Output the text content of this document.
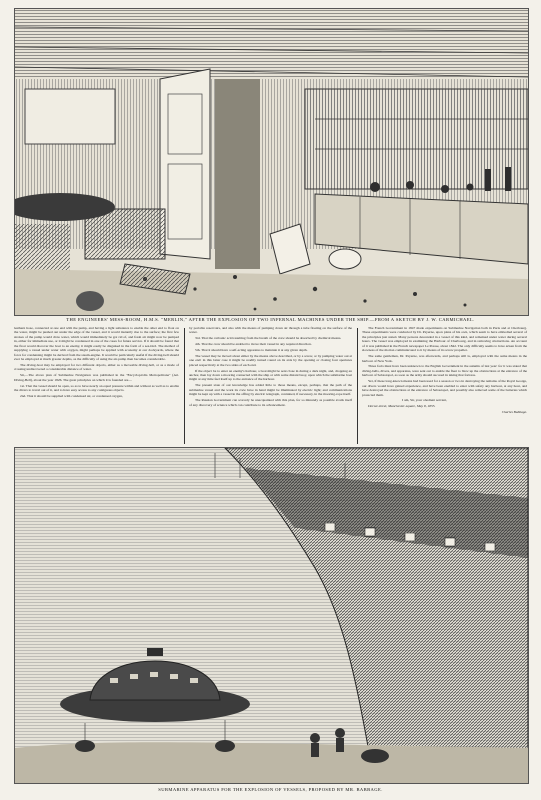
THE ENGINEERS' MESS-ROOM, H.M.S. "MERLIN," AFTER THE EXPLOSION OF TWO INFERNAL MACHINES UNDER THE SHIP.—FROM A SKETCH BY J. W. CARMICHAEL.

leathern hose, connected at one end with the pump, and having a light substance to enable the other end to float on the water, might be pushed out under the edge of the vessel, and it would instantly rise to the surface; the first few strokes of the pump would draw water, which would immediately be got rid of, and fresh air might now be pumped in, either for immediate use, or it might be condensed in one of the cases for future service. If it should be found that the float would discover the boat to an enemy, it might easily be disguised in the form of a sea-bird. The method of supplying a vessel under water with oxygen, might perhaps be applied with economy at our dockyards, where the force for condensing might be derived from the steam-engine. It would be particularly useful if the diving-bell should ever be employed at much greater depths, as the difficulty of using the air-pump then becomes considerable.

The diving-boat may be employed for two different objects, either as a moveable diving-bell, or as a mode of crossing undiscovered a considerable distance of water.

Sir,—The above plan of Submarine Navigation was published in the "Encyclopædia Metropolitana" (Art. Diving-Bell), about the year 1826. The great principles on which it is founded are—

1st. That the vessel should be open, so as to have nearly an equal pressure within and without as well as to enable the divers to travel out of it, and to have easy access to any contiguous objects.

2nd. That it should be supplied with condensed air, or condensed oxygen,

by portable reservoirs, and also with the means of pumping down air through a tube floating on the surface of the water.

3rd. That the carbonic acid resulting from the breath of the crew should be absorbed by chemical means.

4th. That the crew should be enabled to move their vessel in any required direction.

5th. That it should have a self-acting apparatus to maintain it at any given depth.

The vessel may be moved about either by the means above described, or by a screw, or by pumping water out at one end: in this latter case it might be readily turned round on its axis by the opening or closing four apertures placed respectively at the two sides of each end.

If the object be to enter an enemy's harbour, a boat might be sent close in during a dark night, and, dropping an anchor, then lay down a mooring connected with the ship or with some distant buoy, upon which the submarine boat might at any time feel itself up to the entrance of the harbour.

The present state of our knowledge has added little to those means, except, perhaps, that the path of the submarine vessel and the work its crew have in hand might be illuminated by electric light; and communications might be kept up with a vessel in the offing by electric telegraph, contained, if necessary, in the mooring-rope itself.

The Russian Government can scarcely be unacquainted with this plan, for so minutely as possible avails itself of any discovery of science which can contribute to its advancement.

The French Government in 1847 made experiments on Submarine Navigation both in Paris and at Cherbourg. These experiments were conducted by Dr. Payerne, upon plans of his own, which seem to have embodied several of the principles just stated. Many persons descended in a vessel of this kind, and remained under water during several hours. The vessel was employed in examining the Harbour of Cherbourg, and in removing obstructions. An account of it was published in the French newspaper Le Presse, about 1842. The only difficulty seems to have arisen from the slowness of the motion communicated to it by means of its screw propeller.

The same gentleman, Dr. Payerne, was afterwards, and perhaps still is, employed with the same means in the harbour of New York.

Three facts must have been unknown to the English Government in the autumn of last year: for it was stated that diving-bells, divers, and apparatus, were sent out to enable the fleet to blow up the obstructions at the entrance of the harbour of Sebastopol, as soon as the army should succeed in taking that fortress.

Yet, if these long-known means had been used for a season or two in destroying the remains of the Royal George, our divers would have gained experience, and have been enabled to enter with safety any harbour, at any hour, and have destroyed the obstructions at the entrance of Sebastopol, and possibly also removed some of the batteries which protected them.

I am, Sir, your obedient servant,

Dorset-street, Manchester-square, May 8, 1855.

Charles Babbage.

SUBMARINE APPARATUS FOR THE EXPLOSION OF VESSELS, PROPOSED BY MR. BABBAGE.
